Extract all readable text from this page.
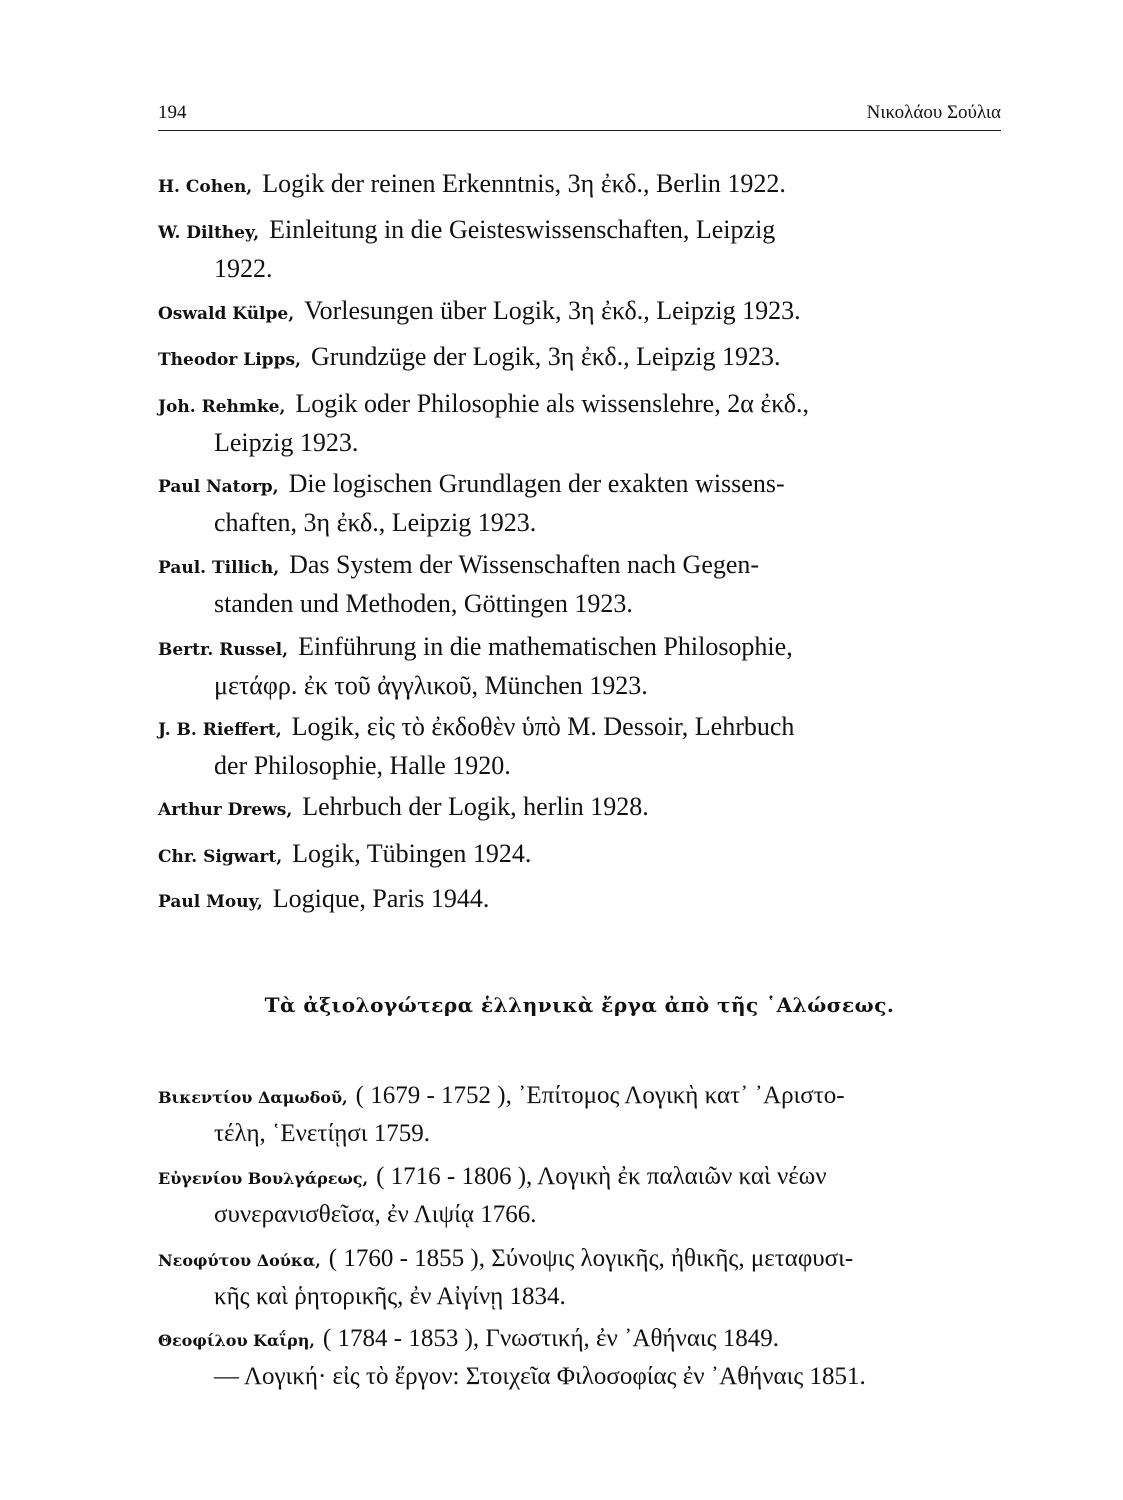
194	Νικολάου Σούλια
H. Cohen, Logik der reinen Erkenntnis, 3η ἐκδ., Berlin 1922.
W. Dilthey, Einleitung in die Geisteswissenschaften, Leipzig
1922.
Oswald Külpe, Vorlesungen über Logik, 3η ἐκδ., Leipzig 1923.
Theodor Lipps, Grundzüge der Logik, 3η ἐκδ., Leipzig 1923.
Joh. Rehmke, Logik oder Philosophie als wissenslehre, 2α ἐκδ.,
Leipzig 1923.
Paul Natorp, Die logischen Grundlagen der exakten wissens-
chaften, 3η ἐκδ., Leipzig 1923.
Paul. Tillich, Das System der Wissenschaften nach Gegen-
standen und Methoden, Göttingen 1923.
Bertr. Russel, Einführung in die mathematischen Philosophie,
μετάφρ. ἐκ τοῦ ἀγγλικοῦ, München 1923.
J. B. Rieffert, Logik, εἰς τὸ ἐκδοθὲν ὑπὸ M. Dessoir, Lehrbuch
der Philosophie, Halle 1920.
Arthur Drews, Lehrbuch der Logik, herlin 1928.
Chr. Sigwart, Logik, Tübingen 1924.
Paul Mouy, Logique, Paris 1944.
Τὰ ἀξιολογώτερα ἑλληνικὰ ἔργα ἀπὸ τῆς ῾Αλώσεως.
Βικεντίου Δαμωδοῦ, ( 1679 - 1752 ), ᾿Επίτομος Λογικὴ κατ᾿ ᾿Αριστο-
τέλη, ῾Ενετίῃσι 1759.
Εὐγενίου Βουλγάρεως, ( 1716 - 1806 ), Λογικὴ ἐκ παλαιῶν καὶ νέων
συνερανισθεῖσα, ἐν Λιψίᾳ 1766.
Νεοφύτου Δούκα, ( 1760 - 1855 ), Σύνοψις λογικῆς, ἠθικῆς, μεταφυσι-
κῆς καὶ ῥητορικῆς, ἐν Αἰγίνῃ 1834.
Θεοφίλου Καΐρη, ( 1784 - 1853 ), Γνωστική, ἐν ᾿Αθήναις 1849.
— Λογική· εἰς τὸ ἔργον: Στοιχεῖα Φιλοσοφίας ἐν ᾿Αθήναις 1851.
